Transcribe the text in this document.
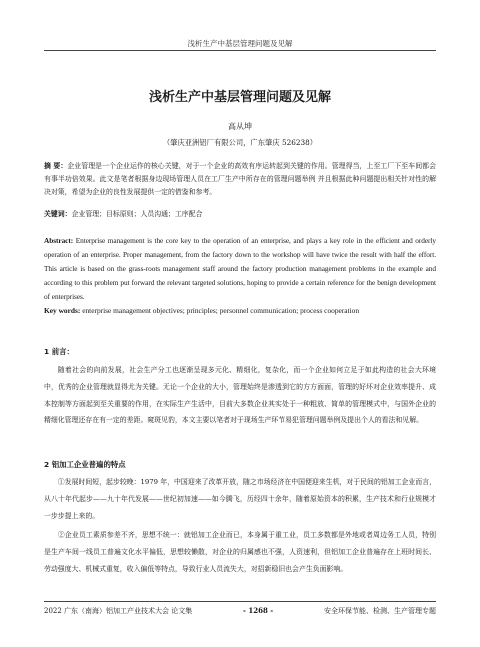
浅析生产中基层管理问题及见解
浅析生产中基层管理问题及见解
高从坤
（肇庆亚洲铝厂有限公司，广东肇庆 526238）

摘 要：企业管理是一个企业运作的核心关键，对于一个企业的高效有序运转起到关键的作用。管理得当，上至工厂下至车间都会有事半功倍效果。此文是笔者根据身边现场管理人员在工厂生产中所存在的管理问题举例 并且根据此种问题提出相关针对性的解决对策，希望为企业的良性发展提供一定的借鉴和参考。

关键词：企业管理；目标原则；人员沟通；工序配合

Abstract: Enterprise management is the core key to the operation of an enterprise, and plays a key role in the efficient and orderly operation of an enterprise. Proper management, from the factory down to the workshop will have twice the result with half the effort. This article is based on the grass-roots management staff around the factory production management problems in the example and according to this problem put forward the relevant targeted solutions, hoping to provide a certain reference for the benign development of enterprises.

Key words: enterprise management objectives; principles; personnel communication; process cooperation

1 前言：

随着社会的向前发展，社会生产分工也逐渐呈现多元化、精细化，复杂化，而一个企业如何立足于如此构造的社会大环境中，优秀的企业管理就显得尤为关键。无论一个企业的大小，管理始终是渗透到它的方方面面，管理的好坏对企业效率提升、成本控制等方面起到至关重要的作用，在实际生产生活中，目前大多数企业其实处于一种粗放、简单的管理模式中，与国外企业的精细化管理还存在有一定的差距。窥斑见豹，本文主要以笔者对于现场生产环节易犯管理问题举例及提出个人的看法和见解。

2 铝加工企业普遍的特点

①发展时间短，起步较晚：1979 年，中国迎来了改革开放，随之市场经济在中国便迎来生机，对于民间的铝加工企业而言，从八十年代起步——九十年代发展——世纪初加速——如今腾飞，历经四十余年，随着原始资本的积累，生产技术和行业规模才一步步提上来的。

②企业员工素质参差不齐，思想不统一：就铝加工企业而已，本身属于重工业，员工多数都是外地或者周边务工人员，特别是生产车间一线员工普遍文化水平偏低，思想较懒散，对企业的归属感也不强，人资速利，但铝加工企业普遍存在上班时间长、劳动强度大、机械式重复，收入偏低等特点，导致行业人员流失大，对招新稳旧也会产生负面影响。

2022 广东（南海）铝加工产业技术大会 论文集	- 1268 -	安全环保节能、检测、生产管理专题
